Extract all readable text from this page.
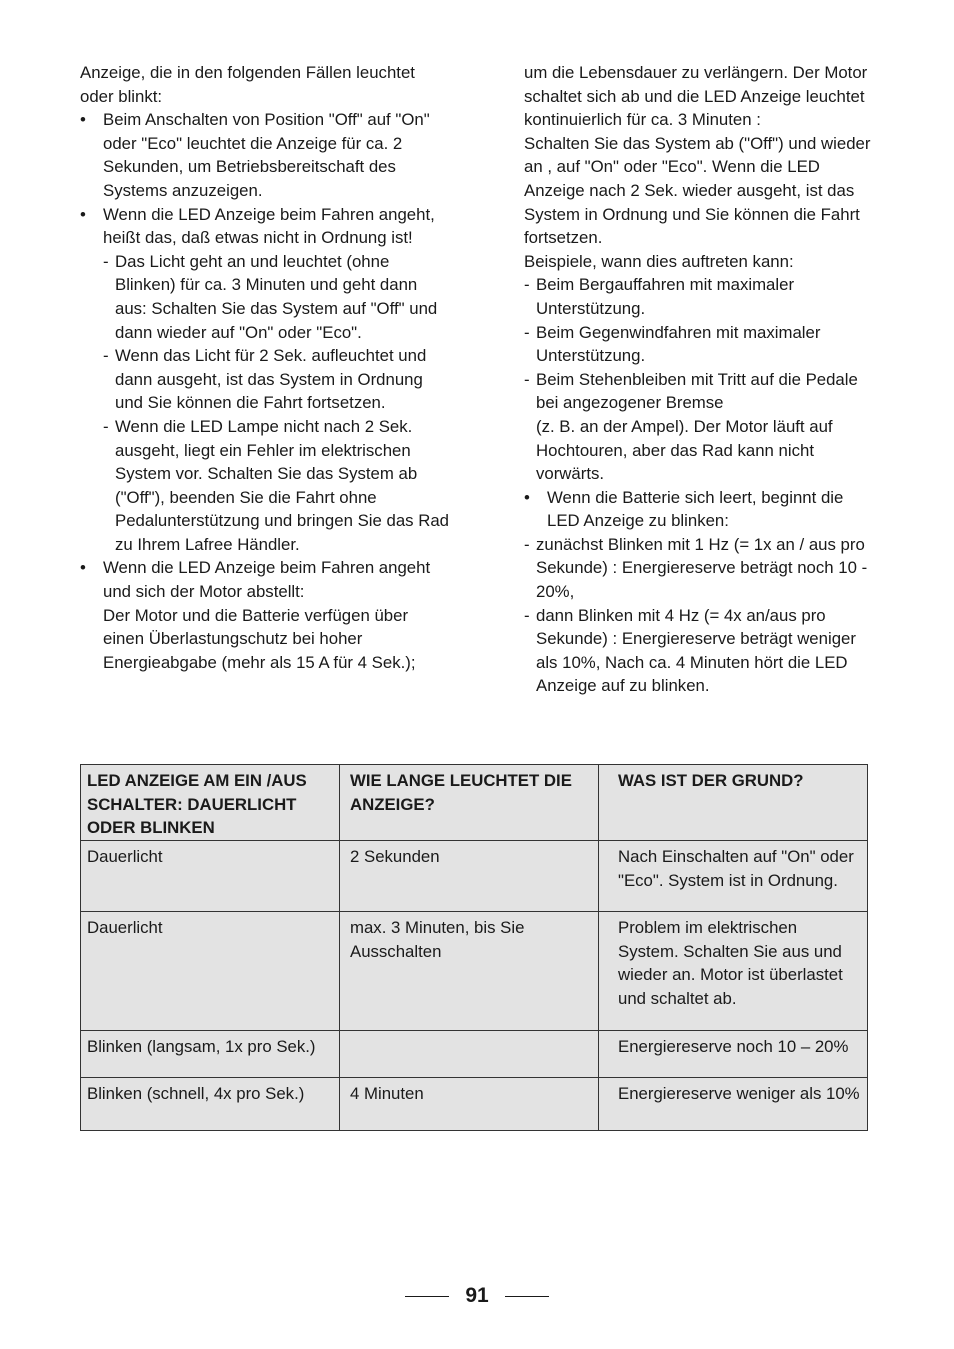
Anzeige, die in den folgenden Fällen leuchtet oder blinkt:

• Beim Anschalten von Position "Off" auf "On" oder "Eco" leuchtet die Anzeige für ca. 2 Sekunden, um Betriebsbereitschaft des Systems anzuzeigen.

• Wenn die LED Anzeige beim Fahren angeht, heißt das, daß etwas nicht in Ordnung ist!

- Das Licht geht an und leuchtet (ohne Blinken) für ca. 3 Minuten und geht dann aus: Schalten Sie das System auf "Off" und dann wieder auf "On" oder "Eco".

- Wenn das Licht für 2 Sek. aufleuchtet und dann ausgeht, ist das System in Ordnung und Sie können die Fahrt fortsetzen.

- Wenn die LED Lampe nicht nach 2 Sek. ausgeht, liegt ein Fehler im elektrischen System vor. Schalten Sie das System ab ("Off"), beenden Sie die Fahrt ohne Pedalunterstützung und bringen Sie das Rad zu Ihrem Lafree Händler.

• Wenn die LED Anzeige beim Fahren angeht und sich der Motor abstellt:

Der Motor und die Batterie verfügen über einen Überlastungschutz bei hoher Energieabgabe (mehr als 15 A für 4 Sek.);

um die Lebensdauer zu verlängern. Der Motor schaltet sich ab und die LED Anzeige leuchtet kontinuierlich für ca. 3 Minuten :

Schalten Sie das System ab ("Off") und wieder an , auf "On" oder "Eco". Wenn die LED Anzeige nach 2 Sek. wieder ausgeht, ist das System in Ordnung und Sie können die Fahrt fortsetzen.

Beispiele, wann dies auftreten kann:

- Beim Bergauffahren mit maximaler Unterstützung.

- Beim Gegenwindfahren mit maximaler Unterstützung.

- Beim Stehenbleiben mit Tritt auf die Pedale bei angezogener Bremse

(z. B. an der Ampel). Der Motor läuft auf Hochtouren, aber das Rad kann nicht vorwärts.

• Wenn die Batterie sich leert, beginnt die LED Anzeige zu blinken:

- zunächst Blinken mit 1 Hz (= 1x an / aus pro Sekunde) : Energiereserve beträgt noch 10 - 20%,

- dann Blinken mit 4 Hz (= 4x an/aus pro Sekunde) : Energiereserve beträgt weniger als 10%, Nach ca. 4 Minuten hört die LED Anzeige auf zu blinken.

LED ANZEIGE AM EIN /AUS SCHALTER: DAUERLICHT ODER BLINKEN	WIE LANGE LEUCHTET DIE ANZEIGE?	WAS IST DER GRUND?
Dauerlicht	2 Sekunden	Nach Einschalten auf "On" oder "Eco". System ist in Ordnung.
Dauerlicht	max. 3 Minuten, bis Sie Ausschalten	Problem im elektrischen System. Schalten Sie aus und wieder an. Motor ist überlastet und schaltet ab.
Blinken (langsam, 1x pro Sek.)		Energiereserve noch 10 – 20%
Blinken (schnell, 4x pro Sek.)	4 Minuten	Energiereserve weniger als 10%
91
